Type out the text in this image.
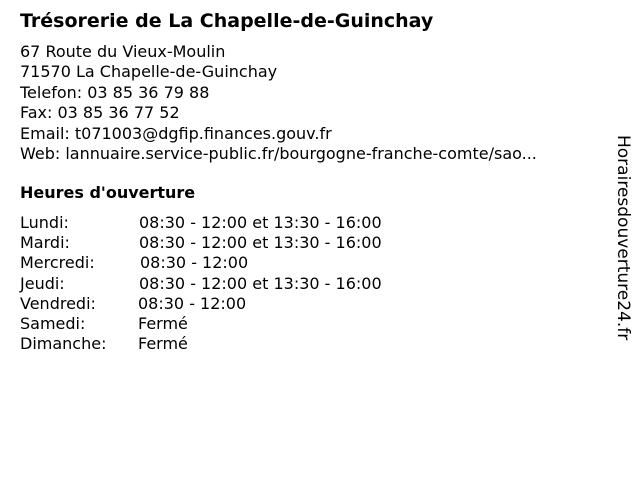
Trésorerie de La Chapelle-de-Guinchay
67 Route du Vieux-Moulin
71570 La Chapelle-de-Guinchay
Telefon: 03 85 36 79 88
Fax: 03 85 36 77 52
Email: t071003@dgfip.finances.gouv.fr
Web: lannuaire.service-public.fr/bourgogne-franche-comte/sao...
Heures d'ouverture
Lundi:	08:30 - 12:00 et 13:30 - 16:00
Mardi:	08:30 - 12:00 et 13:30 - 16:00
Mercredi:	08:30 - 12:00
Jeudi:	08:30 - 12:00 et 13:30 - 16:00
Vendredi:	08:30 - 12:00
Samedi:	Fermé
Dimanche: Fermé
Horairesdouverture24.fr
